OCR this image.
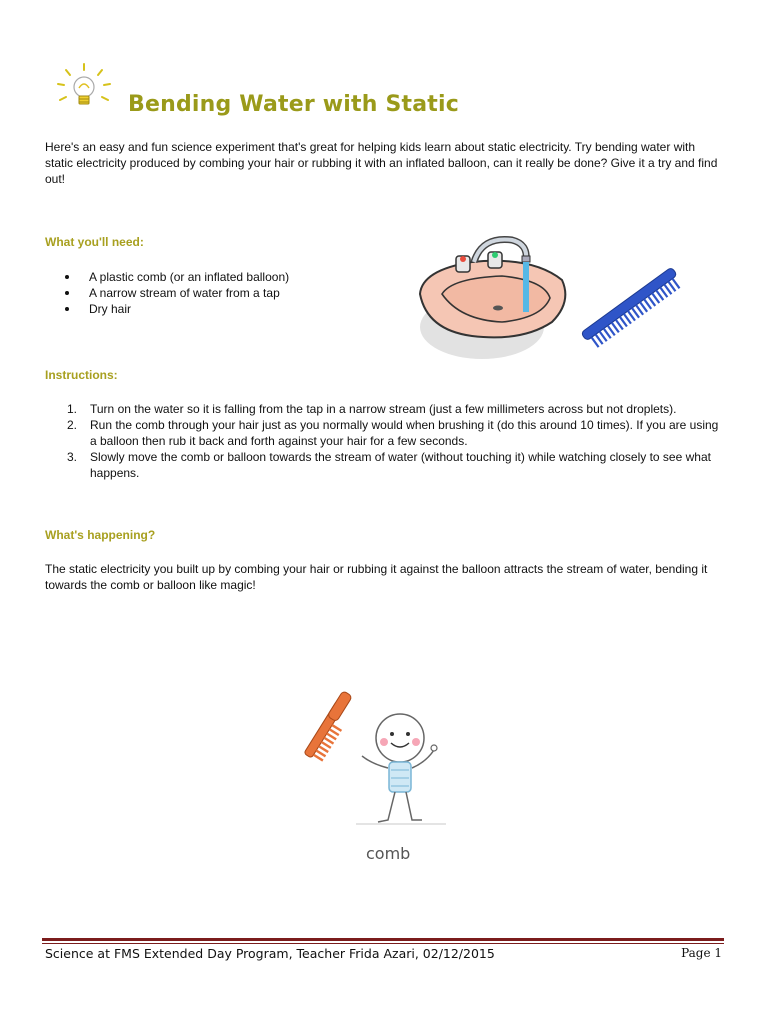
Bending Water with Static

Here's an easy and fun science experiment that's great for helping kids learn about static electricity. Try bending water with static electricity produced by combing your hair or rubbing it with an inflated balloon, can it really be done? Give it a try and find out!

What you'll need:
A plastic comb (or an inflated balloon)
A narrow stream of water from a tap
Dry hair
Instructions:
1. Turn on the water so it is falling from the tap in a narrow stream (just a few millimeters across but not droplets).
2. Run the comb through your hair just as you normally would when brushing it (do this around 10 times). If you are using a balloon then rub it back and forth against your hair for a few seconds.
3. Slowly move the comb or balloon towards the stream of water (without touching it) while watching closely to see what happens.
What's happening?

The static electricity you built up by combing your hair or rubbing it against the balloon attracts the stream of water, bending it towards the comb or balloon like magic!

comb
Science at FMS Extended Day Program, Teacher Frida Azari, 02/12/2015	Page 1
